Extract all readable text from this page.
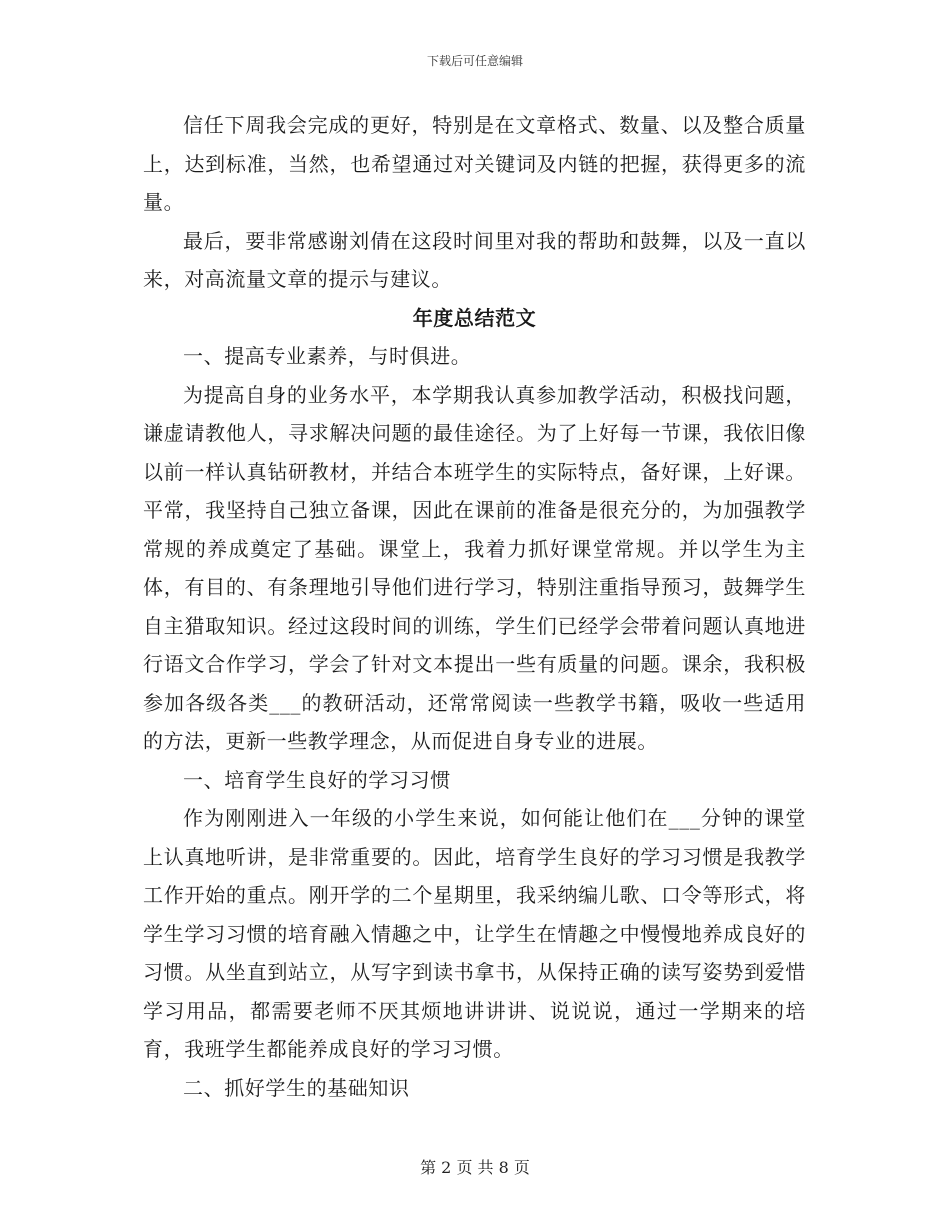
下载后可任意编辑

信任下周我会完成的更好，特别是在文章格式、数量、以及整合质量上，达到标准，当然，也希望通过对关键词及内链的把握，获得更多的流量。

最后，要非常感谢刘倩在这段时间里对我的帮助和鼓舞，以及一直以来，对高流量文章的提示与建议。

年度总结范文

一、提高专业素养，与时俱进。

为提高自身的业务水平，本学期我认真参加教学活动，积极找问题，谦虚请教他人，寻求解决问题的最佳途径。为了上好每一节课，我依旧像以前一样认真钻研教材，并结合本班学生的实际特点，备好课，上好课。平常，我坚持自己独立备课，因此在课前的准备是很充分的，为加强教学常规的养成奠定了基础。课堂上，我着力抓好课堂常规。并以学生为主体，有目的、有条理地引导他们进行学习，特别注重指导预习，鼓舞学生自主猎取知识。经过这段时间的训练，学生们已经学会带着问题认真地进行语文合作学习，学会了针对文本提出一些有质量的问题。课余，我积极参加各级各类___的教研活动，还常常阅读一些教学书籍，吸收一些适用的方法，更新一些教学理念，从而促进自身专业的进展。

一、培育学生良好的学习习惯

作为刚刚进入一年级的小学生来说，如何能让他们在___分钟的课堂上认真地听讲，是非常重要的。因此，培育学生良好的学习习惯是我教学工作开始的重点。刚开学的二个星期里，我采纳编儿歌、口令等形式，将学生学习习惯的培育融入情趣之中，让学生在情趣之中慢慢地养成良好的习惯。从坐直到站立，从写字到读书拿书，从保持正确的读写姿势到爱惜学习用品，都需要老师不厌其烦地讲讲讲、说说说，通过一学期来的培育，我班学生都能养成良好的学习习惯。

二、抓好学生的基础知识

第 2 页 共 8 页
